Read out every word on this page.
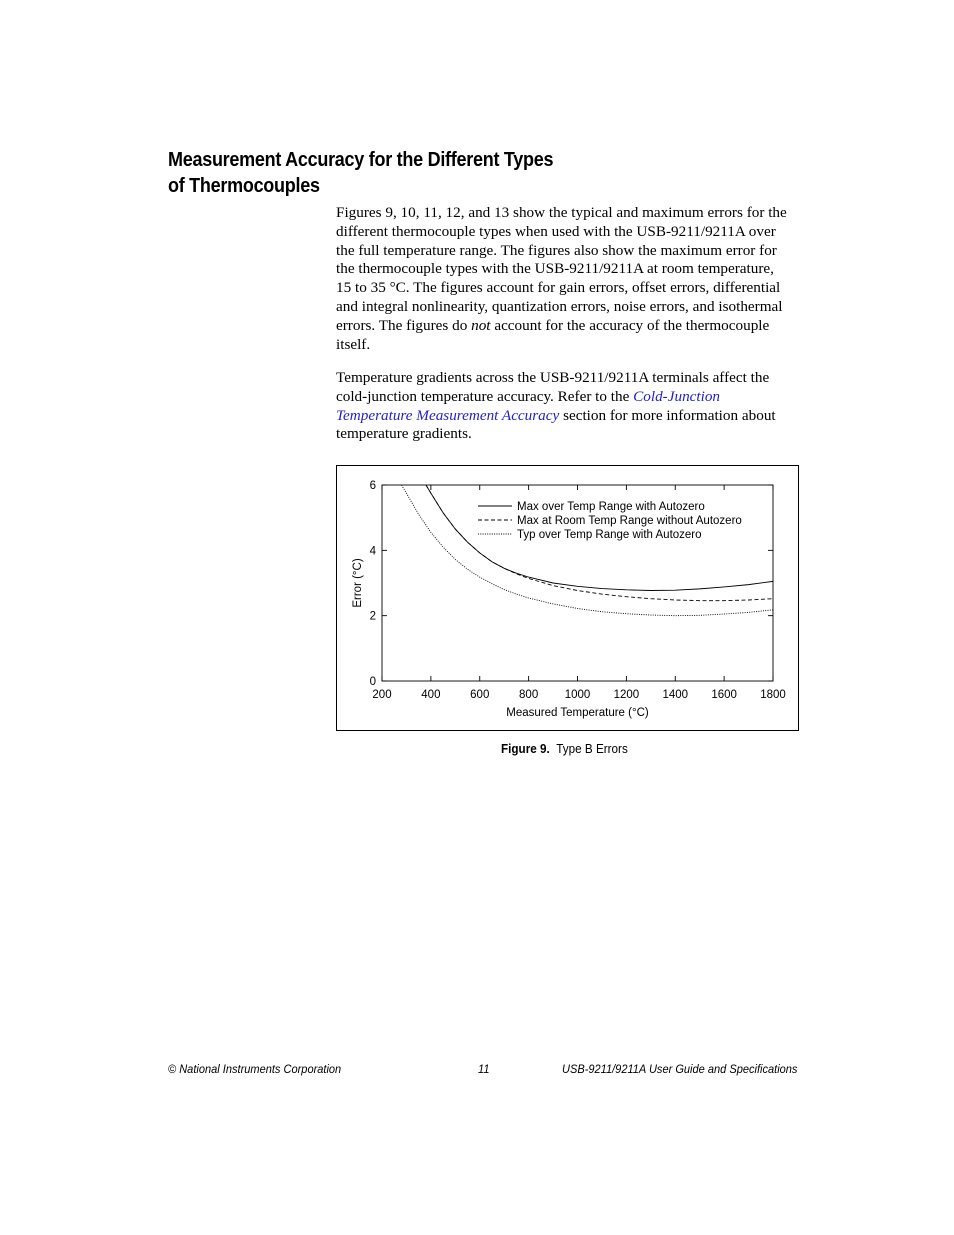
Measurement Accuracy for the Different Types
of Thermocouples
Figures 9, 10, 11, 12, and 13 show the typical and maximum errors for the
different thermocouple types when used with the USB-9211/9211A over
the full temperature range. The figures also show the maximum error for
the thermocouple types with the USB-9211/9211A at room temperature,
15 to 35 °C. The figures account for gain errors, offset errors, differential
and integral nonlinearity, quantization errors, noise errors, and isothermal
errors. The figures do not account for the accuracy of the thermocouple
itself.
Temperature gradients across the USB-9211/9211A terminals affect the
cold-junction temperature accuracy. Refer to the Cold-Junction
Temperature Measurement Accuracy section for more information about
temperature gradients.
200	400	600	800 1000 1200 1400 1600 1800
0
2
4
6
Measured Temperature (°C)
Error (°C)
Max over Temp Range with Autozero
Max at Room Temp Range without Autozero
Typ over Temp Range with Autozero
Figure 9. Type B Errors
© National Instruments Corporation	11	USB-9211/9211A User Guide and Specifications
